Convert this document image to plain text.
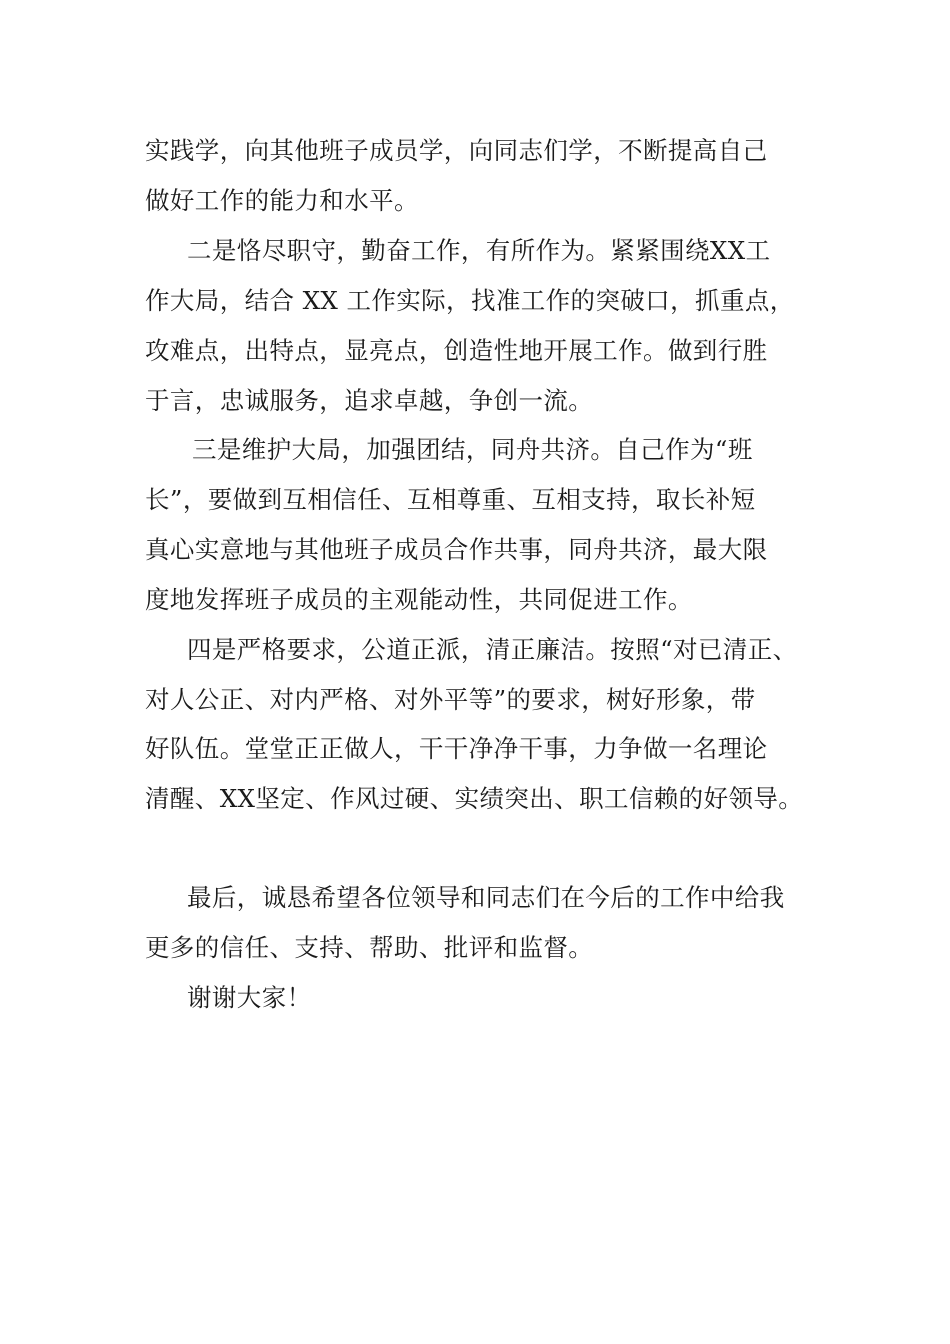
实践学，向其他班子成员学，向同志们学，不断提高自己

做好工作的能力和水平。

二是恪尽职守，勤奋工作，有所作为。紧紧围绕XX工

作大局，结合 XX 工作实际，找准工作的突破口，抓重点，

攻难点，出特点，显亮点，创造性地开展工作。做到行胜

于言，忠诚服务，追求卓越，争创一流。

三是维护大局，加强团结，同舟共济。自己作为“班

长”，要做到互相信任、互相尊重、互相支持，取长补短

真心实意地与其他班子成员合作共事，同舟共济，最大限

度地发挥班子成员的主观能动性，共同促进工作。

四是严格要求，公道正派，清正廉洁。按照“对已清正、

对人公正、对内严格、对外平等”的要求，树好形象，带

好队伍。堂堂正正做人，干干净净干事，力争做一名理论

清醒、XX坚定、作风过硬、实绩突出、职工信赖的好领导。

最后，诚恳希望各位领导和同志们在今后的工作中给我

更多的信任、支持、帮助、批评和监督。

谢谢大家！
